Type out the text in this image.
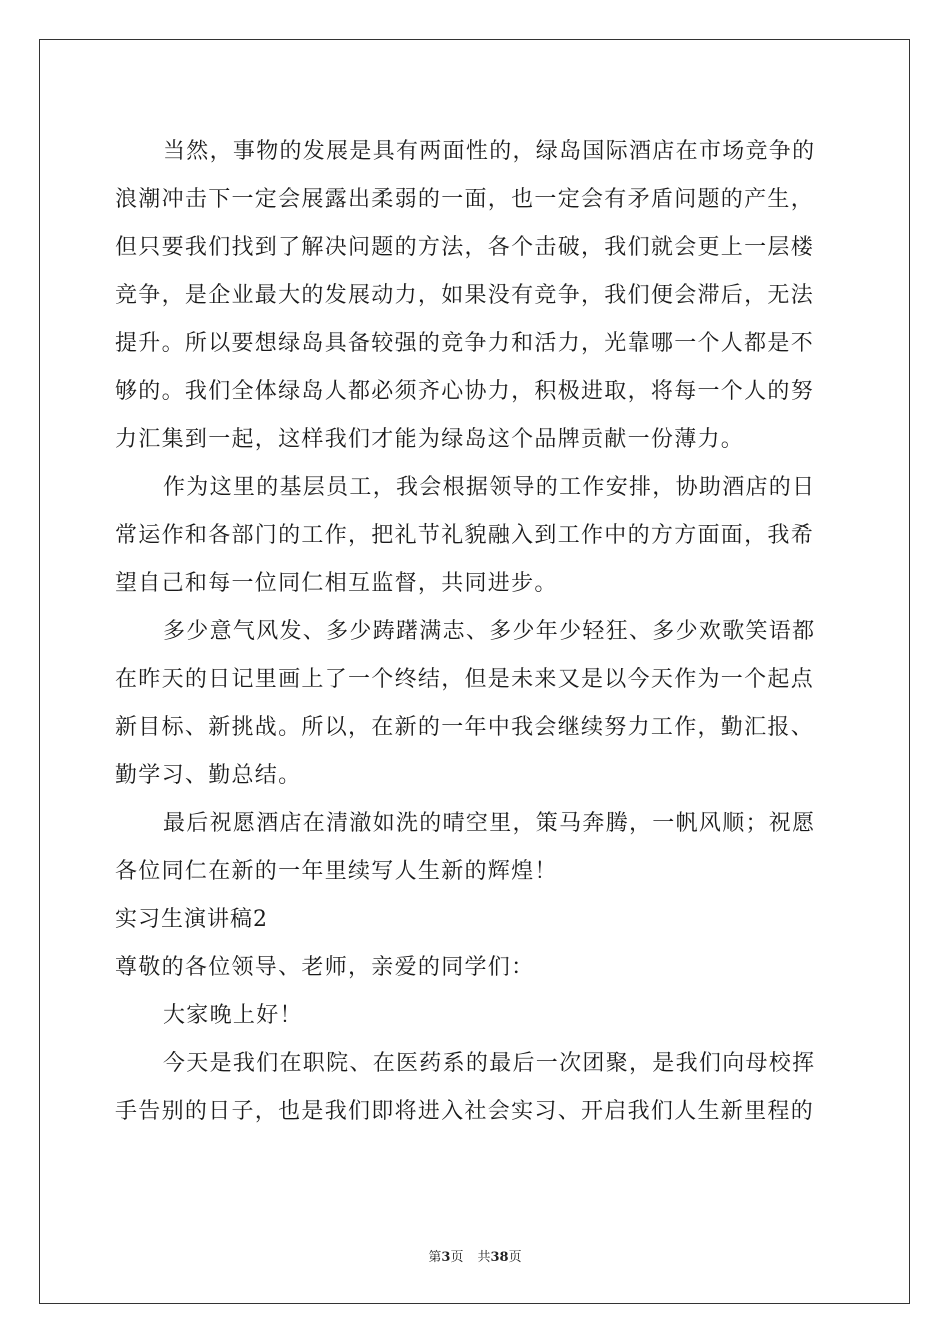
当然，事物的发展是具有两面性的，绿岛国际酒店在市场竞争的
浪潮冲击下一定会展露出柔弱的一面，也一定会有矛盾问题的产生，
但只要我们找到了解决问题的方法，各个击破，我们就会更上一层楼
竞争，是企业最大的发展动力，如果没有竞争，我们便会滞后，无法
提升。所以要想绿岛具备较强的竞争力和活力，光靠哪一个人都是不
够的。我们全体绿岛人都必须齐心协力，积极进取，将每一个人的努
力汇集到一起，这样我们才能为绿岛这个品牌贡献一份薄力。
作为这里的基层员工，我会根据领导的工作安排，协助酒店的日
常运作和各部门的工作，把礼节礼貌融入到工作中的方方面面，我希
望自己和每一位同仁相互监督，共同进步。
多少意气风发、多少踌躇满志、多少年少轻狂、多少欢歌笑语都
在昨天的日记里画上了一个终结，但是未来又是以今天作为一个起点
新目标、新挑战。所以，在新的一年中我会继续努力工作，勤汇报、
勤学习、勤总结。
最后祝愿酒店在清澈如洗的晴空里，策马奔腾，一帆风顺；祝愿
各位同仁在新的一年里续写人生新的辉煌！
实习生演讲稿2
尊敬的各位领导、老师，亲爱的同学们：
大家晚上好！
今天是我们在职院、在医药系的最后一次团聚，是我们向母校挥
手告别的日子，也是我们即将进入社会实习、开启我们人生新里程的
第3页 共38页
